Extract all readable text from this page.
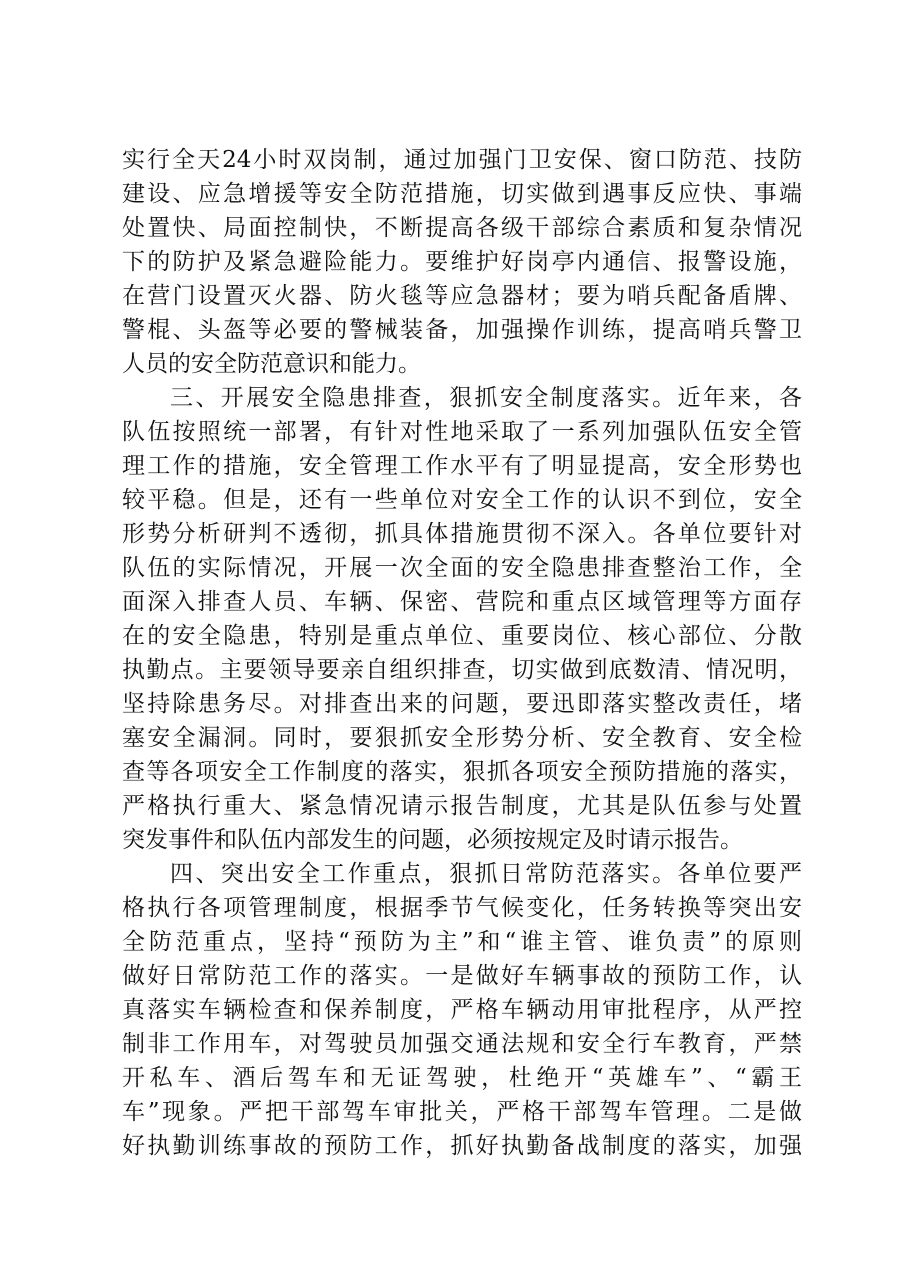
实行全天24小时双岗制，通过加强门卫安保、窗口防范、技防
建设、应急增援等安全防范措施，切实做到遇事反应快、事端
处置快、局面控制快，不断提高各级干部综合素质和复杂情况
下的防护及紧急避险能力。要维护好岗亭内通信、报警设施，
在营门设置灭火器、防火毯等应急器材；要为哨兵配备盾牌、
警棍、头盔等必要的警械装备，加强操作训练，提高哨兵警卫
人员的安全防范意识和能力。
三、开展安全隐患排查，狠抓安全制度落实。近年来，各
队伍按照统一部署，有针对性地采取了一系列加强队伍安全管
理工作的措施，安全管理工作水平有了明显提高，安全形势也
较平稳。但是，还有一些单位对安全工作的认识不到位，安全
形势分析研判不透彻，抓具体措施贯彻不深入。各单位要针对
队伍的实际情况，开展一次全面的安全隐患排查整治工作，全
面深入排查人员、车辆、保密、营院和重点区域管理等方面存
在的安全隐患，特别是重点单位、重要岗位、核心部位、分散
执勤点。主要领导要亲自组织排查，切实做到底数清、情况明，
坚持除患务尽。对排查出来的问题，要迅即落实整改责任，堵
塞安全漏洞。同时，要狠抓安全形势分析、安全教育、安全检
查等各项安全工作制度的落实，狠抓各项安全预防措施的落实，
严格执行重大、紧急情况请示报告制度，尤其是队伍参与处置
突发事件和队伍内部发生的问题，必须按规定及时请示报告。
四、突出安全工作重点，狠抓日常防范落实。各单位要严
格执行各项管理制度，根据季节气候变化，任务转换等突出安
全防范重点，坚持“预防为主”和“谁主管、谁负责”的原则
做好日常防范工作的落实。一是做好车辆事故的预防工作，认
真落实车辆检查和保养制度，严格车辆动用审批程序，从严控
制非工作用车，对驾驶员加强交通法规和安全行车教育，严禁
开私车、酒后驾车和无证驾驶，杜绝开“英雄车”、“霸王
车”现象。严把干部驾车审批关，严格干部驾车管理。二是做
好执勤训练事故的预防工作，抓好执勤备战制度的落实，加强
